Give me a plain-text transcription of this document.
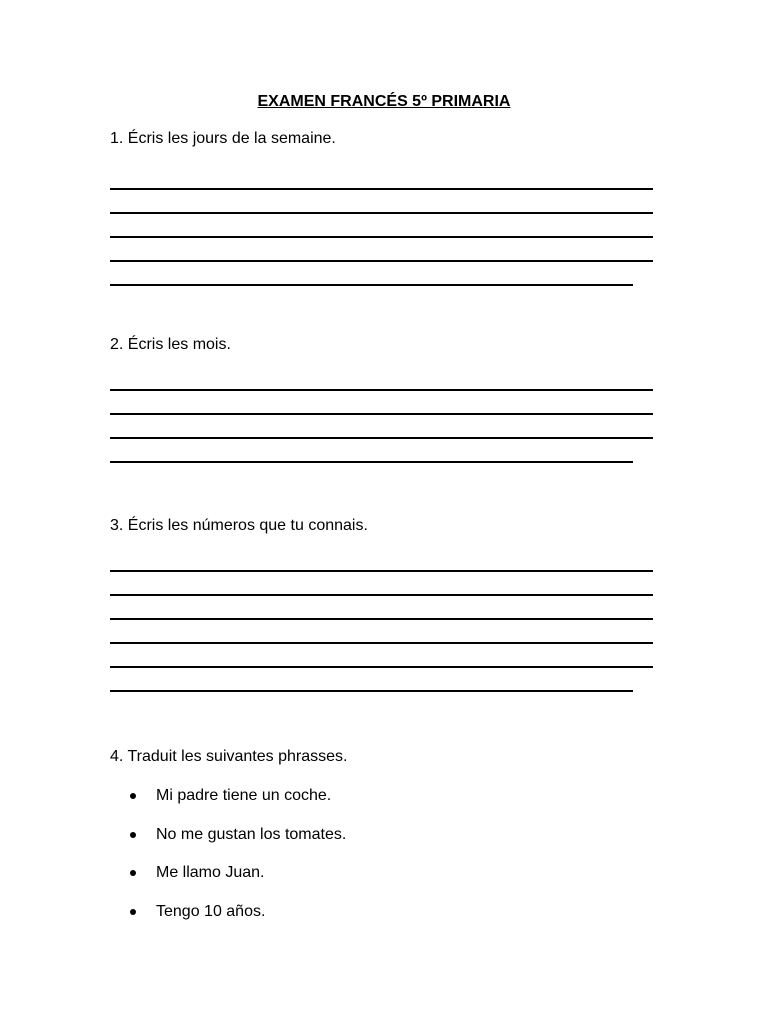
EXAMEN FRANCÉS 5º PRIMARIA

1. Écris les jours de la semaine.

2. Écris les mois.

3. Écris les números que tu connais.

4. Traduit les suivantes phrasses.

Mi padre tiene un coche.
No me gustan los tomates.
Me llamo Juan.
Tengo 10 años.
